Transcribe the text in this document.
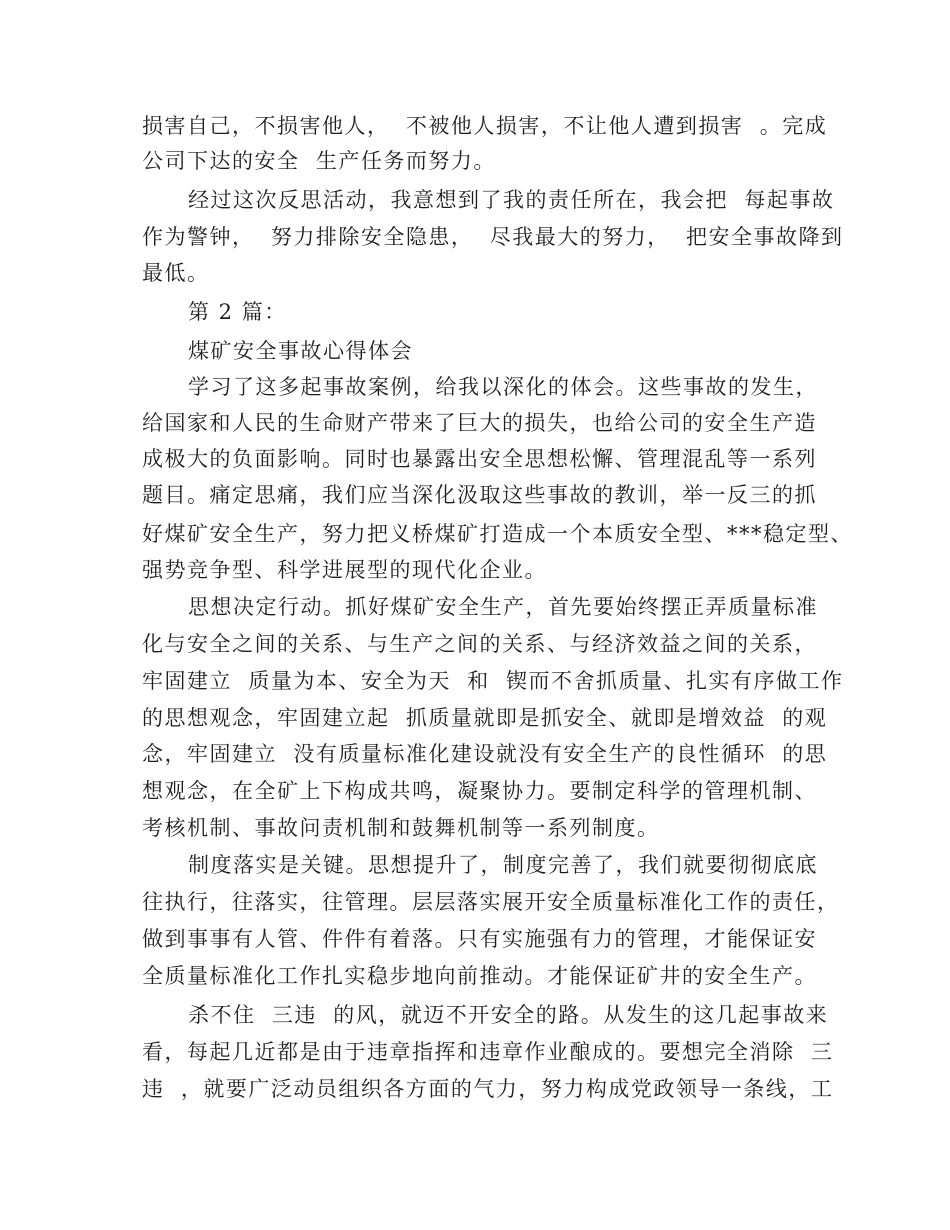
损害自己，不损害他人，  不被他人损害，不让他人遭到损害  。完成
公司下达的安全  生产任务而努力。
经过这次反思活动，我意想到了我的责任所在，我会把  每起事故
作为警钟，  努力排除安全隐患，  尽我最大的努力，  把安全事故降到
最低。
第 2 篇：
煤矿安全事故心得体会
学习了这多起事故案例，给我以深化的体会。这些事故的发生，
给国家和人民的生命财产带来了巨大的损失，也给公司的安全生产造
成极大的负面影响。同时也暴露出安全思想松懈、管理混乱等一系列
题目。痛定思痛，我们应当深化汲取这些事故的教训，举一反三的抓
好煤矿安全生产，努力把义桥煤矿打造成一个本质安全型、***稳定型、
强势竞争型、科学进展型的现代化企业。
思想决定行动。抓好煤矿安全生产，首先要始终摆正弄质量标准
化与安全之间的关系、与生产之间的关系、与经济效益之间的关系，
牢固建立  质量为本、安全为天  和  锲而不舍抓质量、扎实有序做工作
的思想观念，牢固建立起  抓质量就即是抓安全、就即是增效益  的观
念，牢固建立  没有质量标准化建设就没有安全生产的良性循环  的思
想观念，在全矿上下构成共鸣，凝聚协力。要制定科学的管理机制、
考核机制、事故问责机制和鼓舞机制等一系列制度。
制度落实是关键。思想提升了，制度完善了，我们就要彻彻底底
往执行，往落实，往管理。层层落实展开安全质量标准化工作的责任，
做到事事有人管、件件有着落。只有实施强有力的管理，才能保证安
全质量标准化工作扎实稳步地向前推动。才能保证矿井的安全生产。
杀不住  三违  的风，就迈不开安全的路。从发生的这几起事故来
看，每起几近都是由于违章指挥和违章作业酿成的。要想完全消除  三
违  ，就要广泛动员组织各方面的气力，努力构成党政领导一条线，工
